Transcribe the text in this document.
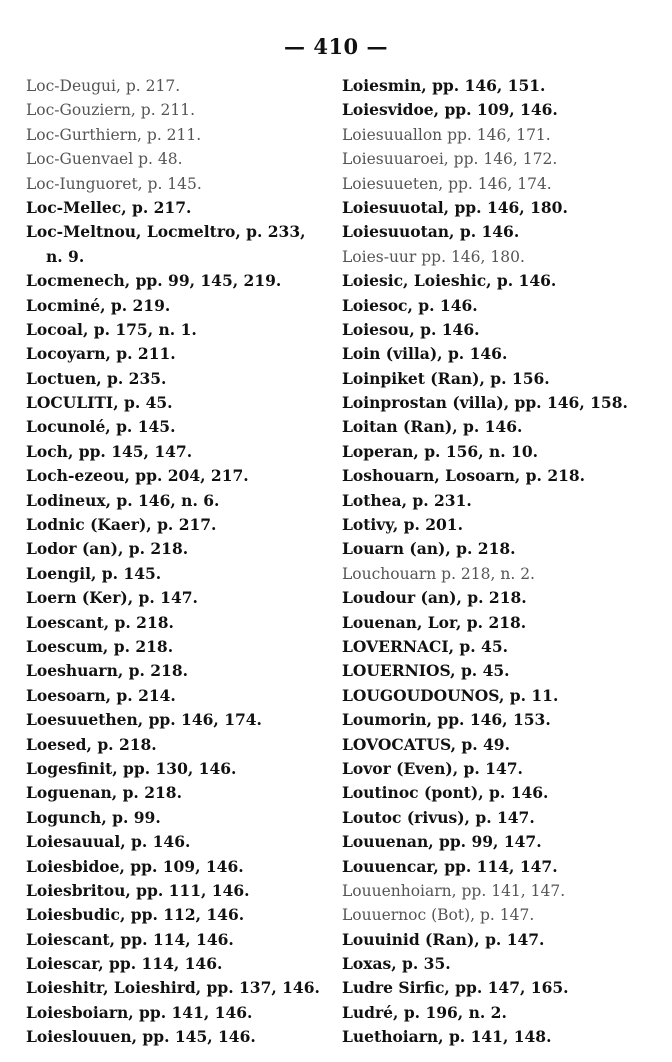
— 410 —
Loc-Deugui, p. 217.
Loc-Gouziern, p. 211.
Loc-Gurthiern, p. 211.
Loc-Guenvael p. 48.
Loc-Iunguoret, p. 145.
Loc-Mellec, p. 217.
Loc-Meltnou, Locmeltro, p. 233,
n. 9.
Locmenech, pp. 99, 145, 219.
Locminé, p. 219.
Locoal, p. 175, n. 1.
Locoyarn, p. 211.
Loctuen, p. 235.
LOCULITI, p. 45.
Locunolé, p. 145.
Loch, pp. 145, 147.
Loch-ezeou, pp. 204, 217.
Lodineux, p. 146, n. 6.
Lodnic (Kaer), p. 217.
Lodor (an), p. 218.
Loengil, p. 145.
Loern (Ker), p. 147.
Loescant, p. 218.
Loescum, p. 218.
Loeshuarn, p. 218.
Loesoarn, p. 214.
Loesuuethen, pp. 146, 174.
Loesed, p. 218.
Logesfinit, pp. 130, 146.
Loguenan, p. 218.
Logunch, p. 99.
Loiesauual, p. 146.
Loiesbidoe, pp. 109, 146.
Loiesbritou, pp. 111, 146.
Loiesbudic, pp. 112, 146.
Loiescant, pp. 114, 146.
Loiescar, pp. 114, 146.
Loieshitr, Loieshird, pp. 137, 146.
Loiesboiarn, pp. 141, 146.
Loieslouuen, pp. 145, 146.
Loiesmin, pp. 146, 151.
Loiesvidoe, pp. 109, 146.
Loiesuuallon pp. 146, 171.
Loiesuuaroei, pp. 146, 172.
Loiesuueten, pp. 146, 174.
Loiesuuotal, pp. 146, 180.
Loiesuuotan, p. 146.
Loies-uur pp. 146, 180.
Loiesic, Loieshic, p. 146.
Loiesoc, p. 146.
Loiesou, p. 146.
Loin (villa), p. 146.
Loinpiket (Ran), p. 156.
Loinprostan (villa), pp. 146, 158.
Loitan (Ran), p. 146.
Loperan, p. 156, n. 10.
Loshouarn, Losoarn, p. 218.
Lothea, p. 231.
Lotivy, p. 201.
Louarn (an), p. 218.
Louchouarn p. 218, n. 2.
Loudour (an), p. 218.
Louenan, Lor, p. 218.
LOVERNACI, p. 45.
LOUERNIOS, p. 45.
LOUGOUDOUNOS, p. 11.
Loumorin, pp. 146, 153.
LOVOCATUS, p. 49.
Lovor (Even), p. 147.
Loutinoc (pont), p. 146.
Loutoc (rivus), p. 147.
Louuenan, pp. 99, 147.
Louuencar, pp. 114, 147.
Louuenhoiarn, pp. 141, 147.
Louuernoc (Bot), p. 147.
Louuinid (Ran), p. 147.
Loxas, p. 35.
Ludre Sirfic, pp. 147, 165.
Ludré, p. 196, n. 2.
Luethoiarn, p. 141, 148.
